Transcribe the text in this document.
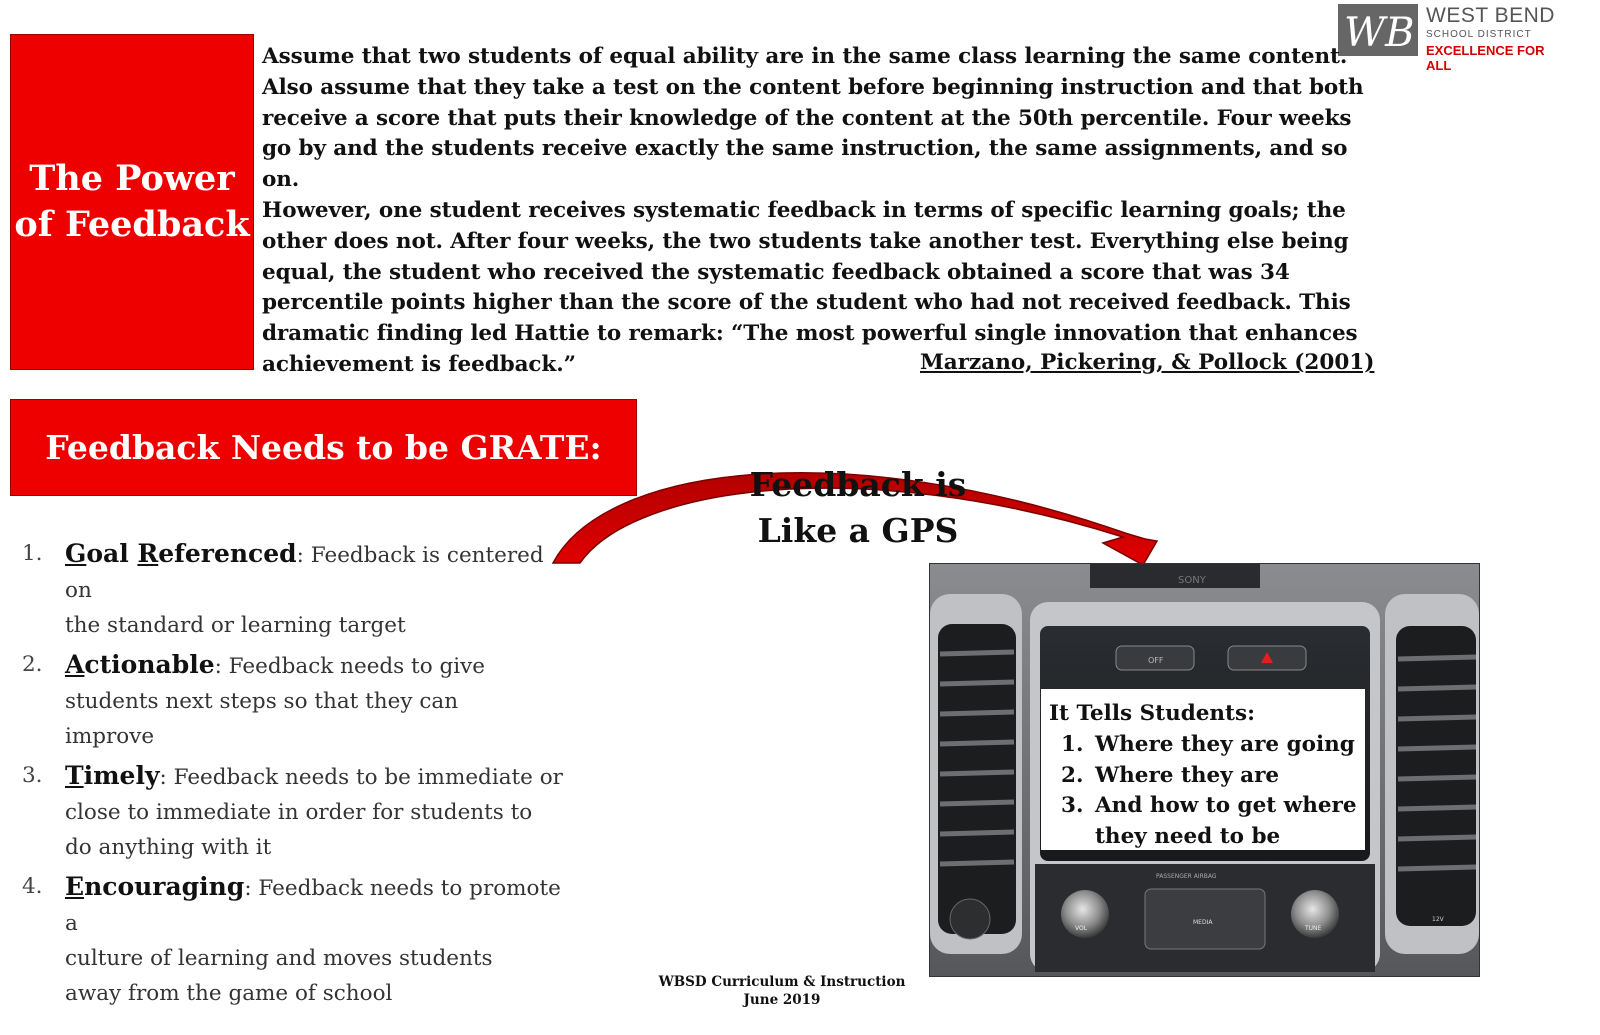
WB WEST BEND
SCHOOL DISTRICT
EXCELLENCE FOR ALL
The Power
of Feedback
Assume that two students of equal ability are in the same class learning the same content.
Also assume that they take a test on the content before beginning instruction and that both
receive a score that puts their knowledge of the content at the 50th percentile. Four weeks
go by and the students receive exactly the same instruction, the same assignments, and so on.
However, one student receives systematic feedback in terms of specific learning goals; the
other does not. After four weeks, the two students take another test. Everything else being
equal, the student who received the systematic feedback obtained a score that was 34
percentile points higher than the score of the student who had not received feedback. This
dramatic finding led Hattie to remark: “The most powerful single innovation that enhances
achievement is feedback.”	Marzano, Pickering, & Pollock (2001)
Feedback Needs to be GRATE:
Feedback is
Like a GPS
1. Goal Referenced: Feedback is centered on
the standard or learning target
2. Actionable: Feedback needs to give
students next steps so that they can
improve
3. Timely: Feedback needs to be immediate or
close to immediate in order for students to
do anything with it
4. Encouraging: Feedback needs to promote a
culture of learning and moves students
away from the game of school
SONY
OFF
PASSENGER AIRBAG
VOL	TUNE
MEDIA	12V
It Tells Students:
1. Where they are going
2. Where they are
3. And how to get where
they need to be
WBSD Curriculum & Instruction
June 2019
